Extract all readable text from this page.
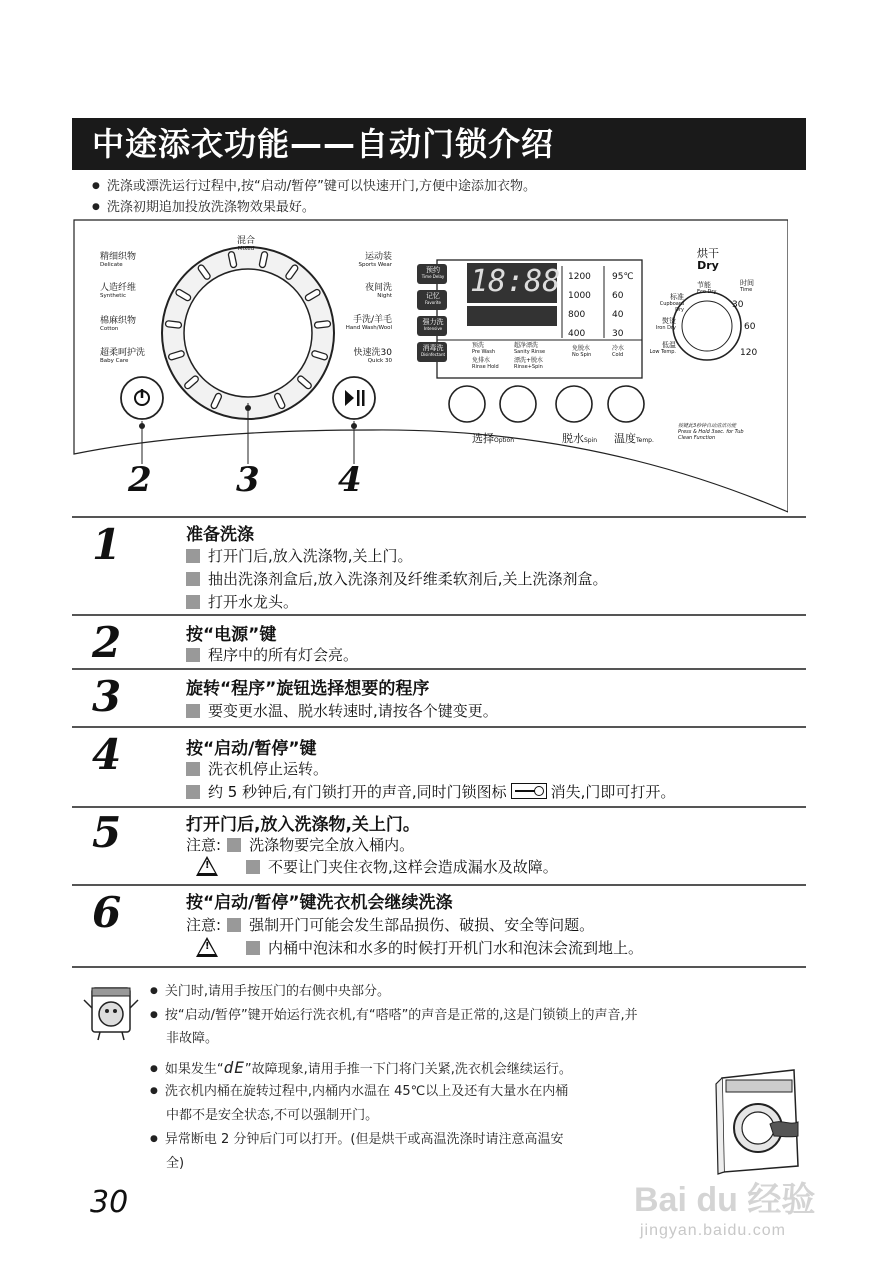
中途添衣功能——自动门锁介绍
● 洗涤或漂洗运行过程中,按“启动/暂停”键可以快速开门,方便中途添加衣物。
● 洗涤初期追加投放洗涤物效果最好。
精细织物
Delicate
人造纤维
Synthetic
棉麻织物
Cotton
超柔呵护洗
Baby Care
混合
Mixed
运动装
Sports Wear
夜间洗
Night
手洗/羊毛
Hand Wash/Wool
快速洗30
Quick 30
预约
Time Delay
记忆
Favorite
强力洗
Intensive
消毒洗
Disinfectant
18:88 1200
1000
800
400
95℃
60
40
30
预洗
Pre Wash
免排水
Rinse Hold
超净漂洗
Sanity Rinse
漂洗+脱水
Rinse+Spin
免脱水
No Spin
冷水
Cold
烘干
Dry
标准
Cupboard Dry
节能
Eco Dry
熨烫
Iron Dry
低温
Low Temp.
时间
Time
30
60
120
选择Option	脱水Spin 温度Temp.
按键此3秒钟自动清洁功能
Press & Hold 3sec. for Tub Clean Function
2 3 4
1	准备洗涤
打开门后,放入洗涤物,关上门。
抽出洗涤剂盒后,放入洗涤剂及纤维柔软剂后,关上洗涤剂盒。
打开水龙头。
2	按“电源”键
程序中的所有灯会亮。
3	旋转“程序”旋钮选择想要的程序
要变更水温、脱水转速时,请按各个键变更。
4	按“启动/暂停”键
洗衣机停止运转。
约 5 秒钟后,有门锁打开的声音,同时门锁图标	消失,门即可打开。
5	打开门后,放入洗涤物,关上门。
注意: 洗涤物要完全放入桶内。
!	不要让门夹住衣物,这样会造成漏水及故障。
6	按“启动/暂停”键洗衣机会继续洗涤
注意: 强制开门可能会发生部品损伤、破损、安全等问题。
!	内桶中泡沫和水多的时候打开机门水和泡沫会流到地上。
● 关门时,请用手按压门的右侧中央部分。
● 按“启动/暂停”键开始运行洗衣机,有“嗒嗒”的声音是正常的,这是门锁锁上的声音,并
非故障。
● 如果发生“dE”故障现象,请用手推一下门将门关紧,洗衣机会继续运行。
● 洗衣机内桶在旋转过程中,内桶内水温在 45℃以上及还有大量水在内桶
中都不是安全状态,不可以强制开门。
● 异常断电 2 分钟后门可以打开。(但是烘干或高温洗涤时请注意高温安
全)
30	Bai du 经验
jingyan.baidu.com
